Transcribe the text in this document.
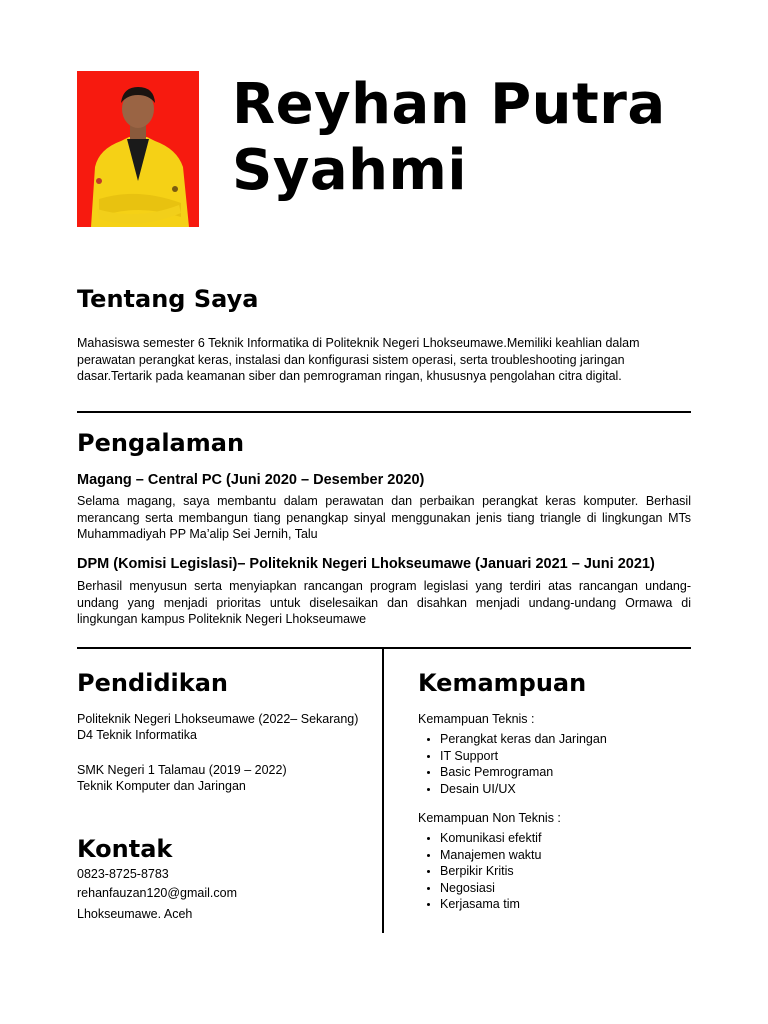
Reyhan Putra
Syahmi
Tentang Saya
Mahasiswa semester 6 Teknik Informatika di Politeknik Negeri Lhokseumawe.Memiliki keahlian dalam perawatan perangkat keras, instalasi dan konfigurasi sistem operasi, serta troubleshooting jaringan dasar.Tertarik pada keamanan siber dan pemrograman ringan, khususnya pengolahan citra digital.
Pengalaman
Magang – Central PC (Juni 2020 – Desember 2020)
Selama magang, saya membantu dalam perawatan dan perbaikan perangkat keras komputer. Berhasil merancang serta membangun tiang penangkap sinyal menggunakan jenis tiang triangle di lingkungan MTs Muhammadiyah PP Ma’alip Sei Jernih, Talu
DPM (Komisi Legislasi)– Politeknik Negeri Lhokseumawe (Januari 2021 – Juni 2021)
Berhasil menyusun serta menyiapkan rancangan program legislasi yang terdiri atas rancangan undang-undang yang menjadi prioritas untuk diselesaikan dan disahkan menjadi undang-undang Ormawa di lingkungan kampus Politeknik Negeri Lhokseumawe
Pendidikan
Politeknik Negeri Lhokseumawe (2022– Sekarang)
D4 Teknik Informatika
SMK Negeri 1 Talamau (2019 – 2022)
Teknik Komputer dan Jaringan
Kontak
0823-8725-8783
rehanfauzan120@gmail.com
Lhokseumawe. Aceh
Kemampuan
Kemampuan Teknis :
Perangkat keras dan Jaringan
IT Support
Basic Pemrograman
Desain UI/UX
Kemampuan Non Teknis :
Komunikasi efektif
Manajemen waktu
Berpikir Kritis
Negosiasi
Kerjasama tim
